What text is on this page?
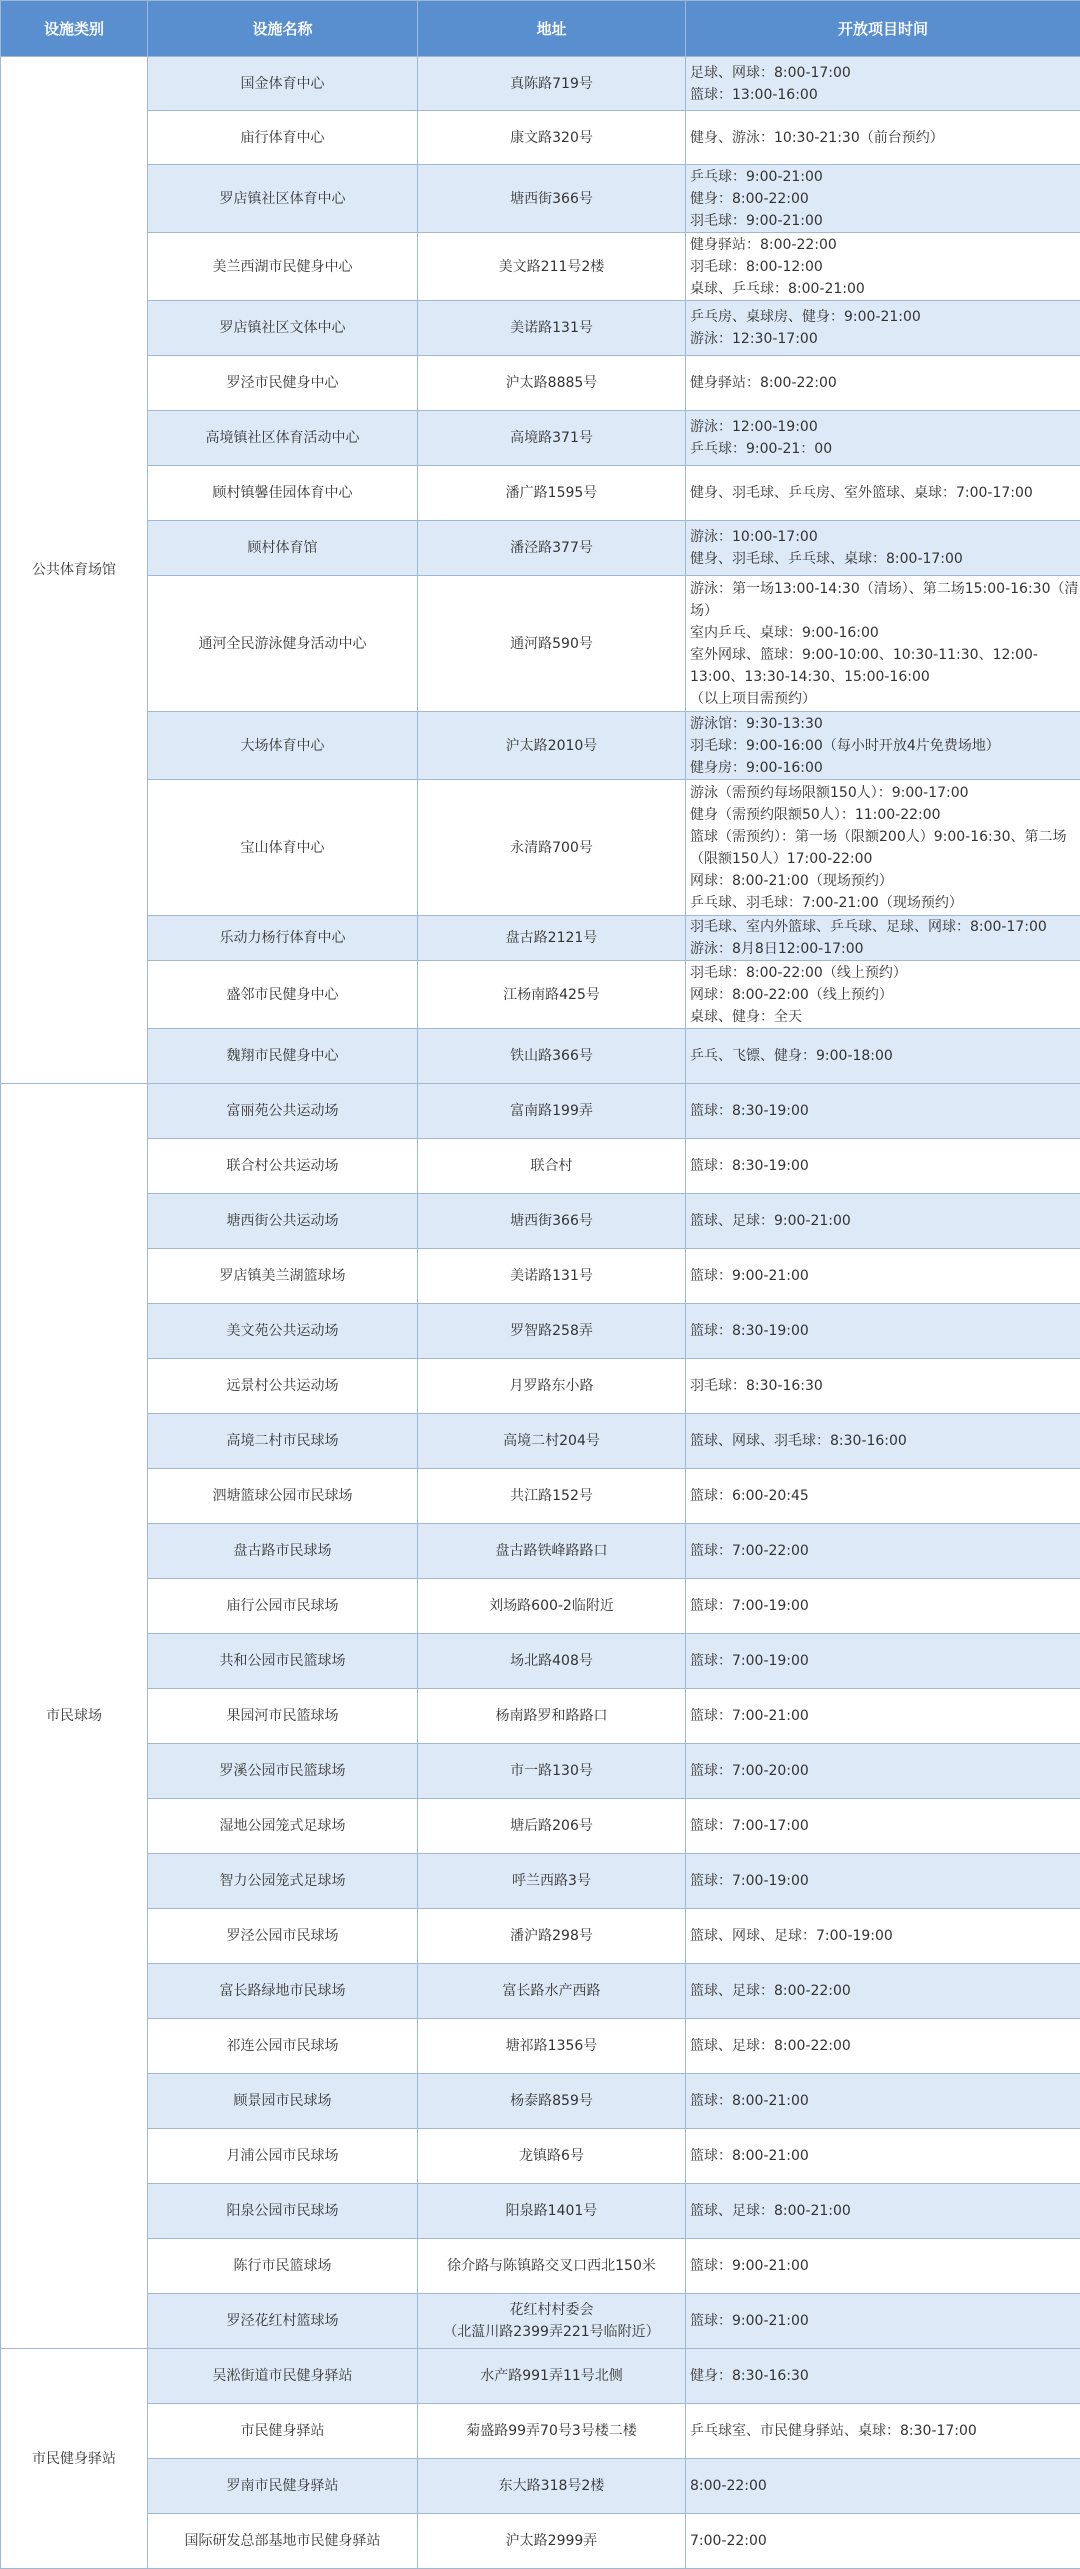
设施类别	设施名称	地址	开放项目时间
公共体育场馆	国金体育中心	真陈路719号	足球、网球：8:00-17:00
篮球：13:00-16:00
	庙行体育中心	康文路320号	健身、游泳：10:30-21:30（前台预约）
	罗店镇社区体育中心	塘西街366号	乒乓球：9:00-21:00
健身：8:00-22:00
羽毛球：9:00-21:00
	美兰西湖市民健身中心	美文路211号2楼	健身驿站：8:00-22:00
羽毛球：8:00-12:00
桌球、乒乓球：8:00-21:00
	罗店镇社区文体中心	美诺路131号	乒乓房、桌球房、健身：9:00-21:00
游泳：12:30-17:00
	罗泾市民健身中心	沪太路8885号	健身驿站：8:00-22:00
	高境镇社区体育活动中心	高境路371号	游泳：12:00-19:00
乒乓球：9:00-21：00
	顾村镇馨佳园体育中心	潘广路1595号	健身、羽毛球、乒乓房、室外篮球、桌球：7:00-17:00
	顾村体育馆	潘泾路377号	游泳：10:00-17:00
健身、羽毛球、乒乓球、桌球：8:00-17:00
	通河全民游泳健身活动中心	通河路590号	游泳：第一场13:00-14:30（清场）、第二场15:00-16:30（清场）
室内乒乓、桌球：9:00-16:00
室外网球、篮球：9:00-10:00、10:30-11:30、12:00-13:00、13:30-14:30、15:00-16:00
（以上项目需预约）
	大场体育中心	沪太路2010号	游泳馆：9:30-13:30
羽毛球：9:00-16:00（每小时开放4片免费场地）
健身房：9:00-16:00
	宝山体育中心	永清路700号	游泳（需预约每场限额150人）：9:00-17:00
健身（需预约限额50人）：11:00-22:00
篮球（需预约）：第一场（限额200人）9:00-16:30、第二场（限额150人）17:00-22:00
网球：8:00-21:00（现场预约）
乒乓球、羽毛球：7:00-21:00（现场预约）
	乐动力杨行体育中心	盘古路2121号	羽毛球、室内外篮球、乒乓球、足球、网球：8:00-17:00
游泳：8月8日12:00-17:00
	盛邻市民健身中心	江杨南路425号	羽毛球：8:00-22:00（线上预约）
网球：8:00-22:00（线上预约）
桌球、健身：全天
	魏翔市民健身中心	铁山路366号	乒乓、飞镖、健身：9:00-18:00
市民球场	富丽苑公共运动场	富南路199弄	篮球：8:30-19:00
	联合村公共运动场	联合村	篮球：8:30-19:00
	塘西街公共运动场	塘西街366号	篮球、足球：9:00-21:00
	罗店镇美兰湖篮球场	美诺路131号	篮球：9:00-21:00
	美文苑公共运动场	罗智路258弄	篮球：8:30-19:00
	远景村公共运动场	月罗路东小路	羽毛球：8:30-16:30
	高境二村市民球场	高境二村204号	篮球、网球、羽毛球：8:30-16:00
	泗塘篮球公园市民球场	共江路152号	篮球：6:00-20:45
	盘古路市民球场	盘古路铁峰路路口	篮球：7:00-22:00
	庙行公园市民球场	刘场路600-2临附近	篮球：7:00-19:00
	共和公园市民篮球场	场北路408号	篮球：7:00-19:00
	果园河市民篮球场	杨南路罗和路路口	篮球：7:00-21:00
	罗溪公园市民篮球场	市一路130号	篮球：7:00-20:00
	湿地公园笼式足球场	塘后路206号	篮球：7:00-17:00
	智力公园笼式足球场	呼兰西路3号	篮球：7:00-19:00
	罗泾公园市民球场	潘沪路298号	篮球、网球、足球：7:00-19:00
	富长路绿地市民球场	富长路水产西路	篮球、足球：8:00-22:00
	祁连公园市民球场	塘祁路1356号	篮球、足球：8:00-22:00
	顾景园市民球场	杨泰路859号	篮球：8:00-21:00
	月浦公园市民球场	龙镇路6号	篮球：8:00-21:00
	阳泉公园市民球场	阳泉路1401号	篮球、足球：8:00-21:00
	陈行市民篮球场	徐介路与陈镇路交叉口西北150米	篮球：9:00-21:00
	罗泾花红村篮球场	花红村村委会
（北蕰川路2399弄221号临附近）	篮球：9:00-21:00
市民健身驿站	吴淞街道市民健身驿站	水产路991弄11号北侧	健身：8:30-16:30
	市民健身驿站	菊盛路99弄70号3号楼二楼	乒乓球室、市民健身驿站、桌球：8:30-17:00
	罗南市民健身驿站	东大路318号2楼	8:00-22:00
	国际研发总部基地市民健身驿站	沪太路2999弄	7:00-22:00
